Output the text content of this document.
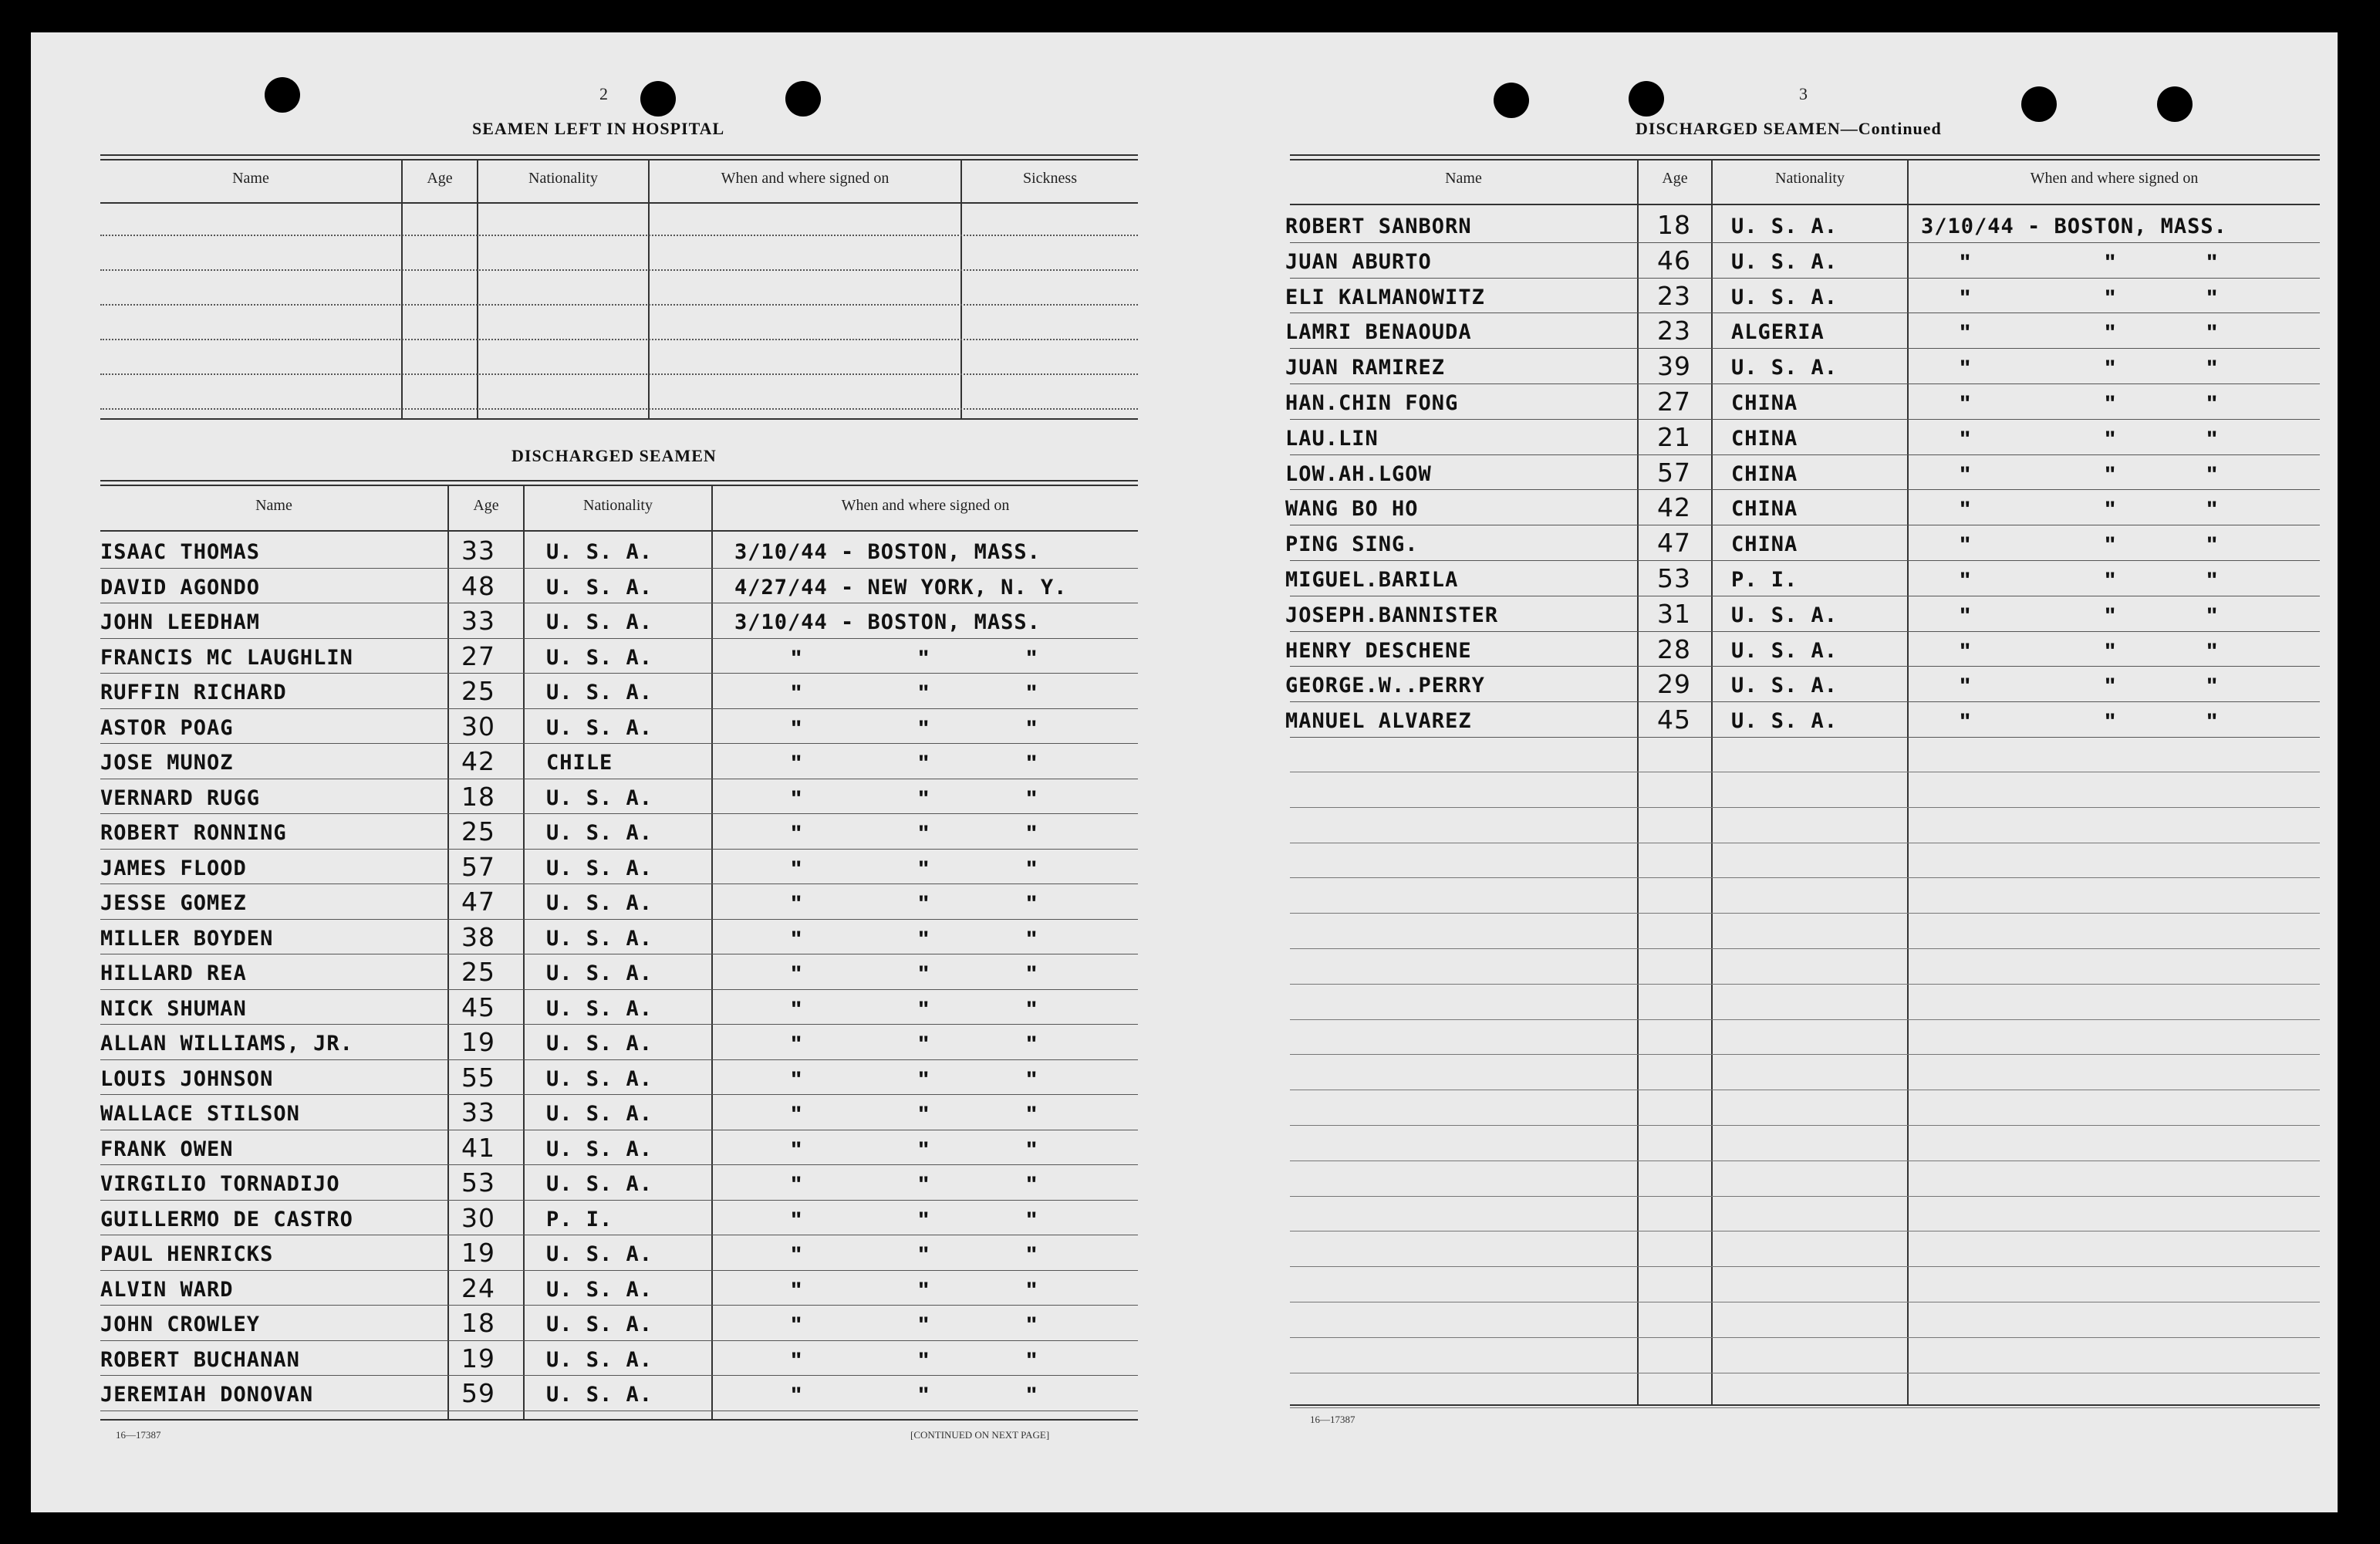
2
SEAMEN LEFT IN HOSPITAL
Name	Age	Nationality	When and where signed on	Sickness
DISCHARGED SEAMEN
Name	Age	Nationality	When and where signed on
ISAAC THOMAS	33 U. S. A.	3/10/44 - BOSTON, MASS.
DAVID AGONDO	48 U. S. A.	4/27/44 - NEW YORK, N. Y.
JOHN LEEDHAM	33 U. S. A.	3/10/44 - BOSTON, MASS.
FRANCIS MC LAUGHLIN	27 U. S. A.	"	"	"
RUFFIN RICHARD	25 U. S. A.	"	"	"
ASTOR POAG	30 U. S. A.	"	"	"
JOSE MUNOZ	42 CHILE	"	"	"
VERNARD RUGG	18 U. S. A.	"	"	"
ROBERT RONNING	25 U. S. A.	"	"	"
JAMES FLOOD	57 U. S. A.	"	"	"
JESSE GOMEZ	47 U. S. A.	"	"	"
MILLER BOYDEN	38 U. S. A.	"	"	"
HILLARD REA	25 U. S. A.	"	"	"
NICK SHUMAN	45 U. S. A.	"	"	"
ALLAN WILLIAMS, JR.	19 U. S. A.	"	"	"
LOUIS JOHNSON	55 U. S. A.	"	"	"
WALLACE STILSON	33 U. S. A.	"	"	"
FRANK OWEN	41 U. S. A.	"	"	"
VIRGILIO TORNADIJO	53 U. S. A.	"	"	"
GUILLERMO DE CASTRO	30 P. I.	"	"	"
PAUL HENRICKS	19 U. S. A.	"	"	"
ALVIN WARD	24 U. S. A.	"	"	"
JOHN CROWLEY	18 U. S. A.	"	"	"
ROBERT BUCHANAN	19 U. S. A.	"	"	"
JEREMIAH DONOVAN	59 U. S. A.	"	"	"
16—17387	[CONTINUED ON NEXT PAGE]
3
DISCHARGED SEAMEN—Continued
Name	Age	Nationality	When and where signed on
ROBERT SANBORN	18 U. S. A.	3/10/44 - BOSTON, MASS.
JUAN ABURTO	46 U. S. A.	"	"	"
ELI KALMANOWITZ	23 U. S. A.	"	"	"
LAMRI BENAOUDA	23 ALGERIA	"	"	"
JUAN RAMIREZ	39 U. S. A.	"	"	"
HAN.CHIN FONG	27 CHINA	"	"	"
LAU.LIN	21 CHINA	"	"	"
LOW.AH.LGOW	57 CHINA	"	"	"
WANG BO HO	42 CHINA	"	"	"
PING SING.	47 CHINA	"	"	"
MIGUEL.BARILA	53 P. I.	"	"	"
JOSEPH.BANNISTER	31 U. S. A.	"	"	"
HENRY DESCHENE	28 U. S. A.	"	"	"
GEORGE.W..PERRY	29 U. S. A.	"	"	"
MANUEL ALVAREZ	45 U. S. A.	"	"	"
16—17387
